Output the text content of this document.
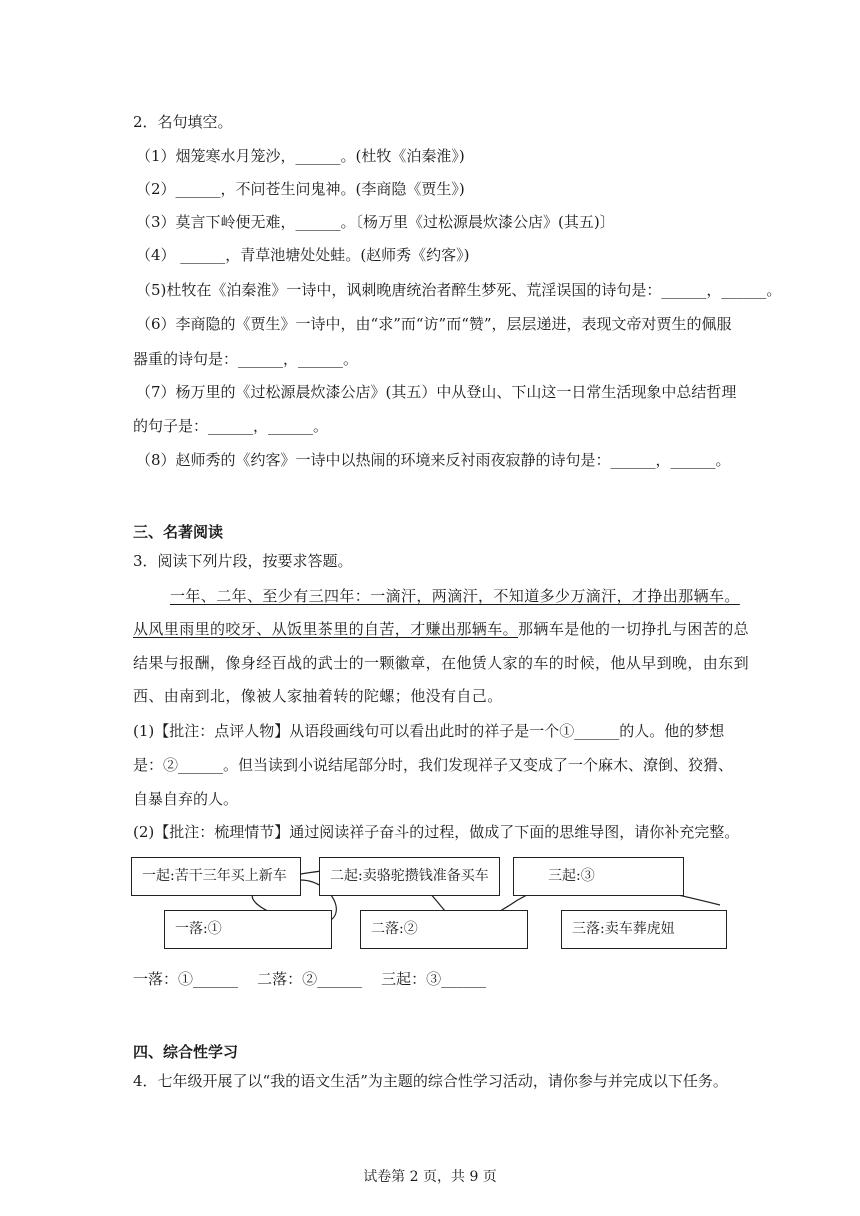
2．名句填空。
（1）烟笼寒水月笼沙，______。(杜牧《泊秦淮》)
（2）______，不问苍生问鬼神。(李商隐《贾生》)
（3）莫言下岭便无难，______。〔杨万里《过松源晨炊漆公店》(其五)〕
（4） ______，青草池塘处处蛙。(赵师秀《约客》)
（5)杜牧在《泊秦淮》一诗中，讽刺晚唐统治者醉生梦死、荒淫误国的诗句是：______，______。
（6）李商隐的《贾生》一诗中，由“求”而“访”而“赞”，层层递进，表现文帝对贾生的佩服
器重的诗句是：______，______。
（7）杨万里的《过松源晨炊漆公店》(其五）中从登山、下山这一日常生活现象中总结哲理
的句子是：______，______。
（8）赵师秀的《约客》一诗中以热闹的环境来反衬雨夜寂静的诗句是：______，______。
三、名著阅读
3．阅读下列片段，按要求答题。
一年、二年、至少有三四年：一滴汗，两滴汗，不知道多少万滴汗，才挣出那辆车。
从风里雨里的咬牙、从饭里茶里的自苦，才赚出那辆车。那辆车是他的一切挣扎与困苦的总
结果与报酬，像身经百战的武士的一颗徽章，在他赁人家的车的时候，他从早到晚，由东到
西、由南到北，像被人家抽着转的陀螺；他没有自己。
(1)【批注：点评人物】从语段画线句可以看出此时的祥子是一个①______的人。他的梦想
是：②______。但当读到小说结尾部分时，我们发现祥子又变成了一个麻木、潦倒、狡猾、
自暴自弃的人。
(2)【批注：梳理情节】通过阅读祥子奋斗的过程，做成了下面的思维导图，请你补充完整。
一起:苦干三年买上新车	二起:卖骆驼攒钱准备买车	三起:③
一落:①	二落:②	三落:卖车葬虎妞
一落：①______    二落：②______    三起：③______
四、综合性学习
4．七年级开展了以“我的语文生活”为主题的综合性学习活动，请你参与并完成以下任务。
试卷第 2 页，共 9 页
